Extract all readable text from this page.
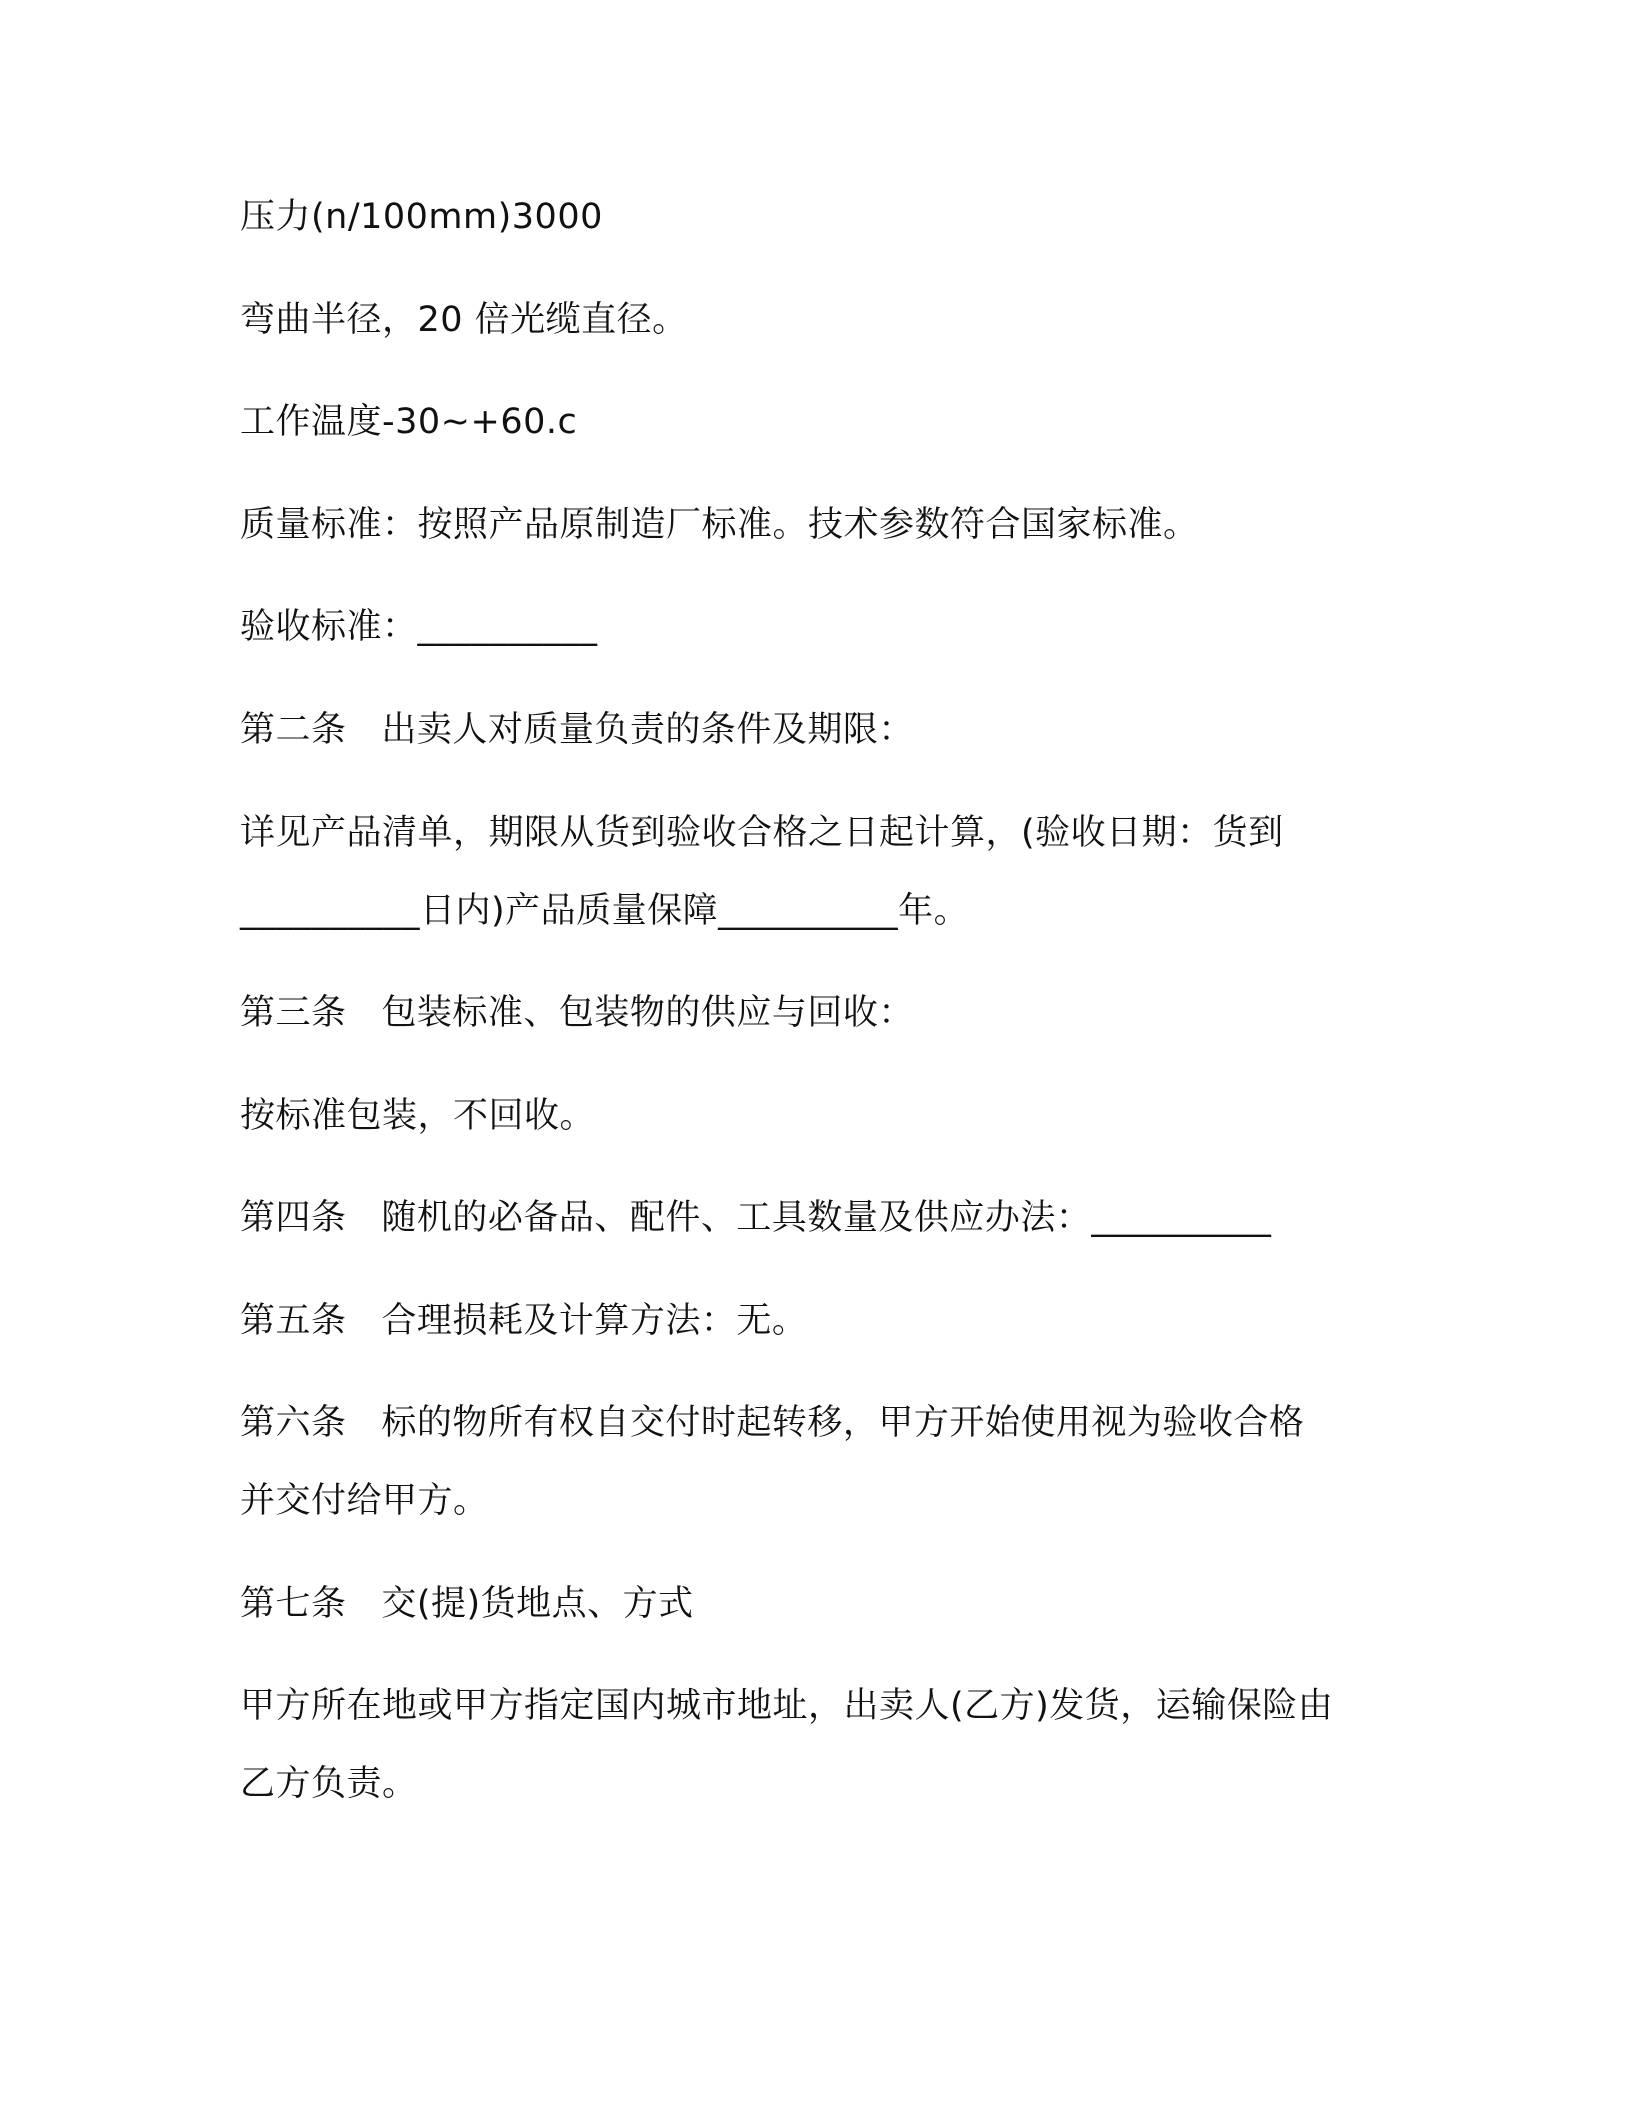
压力(n/100mm)3000
弯曲半径，20 倍光缆直径。
工作温度-30~+60.c
质量标准：按照产品原制造厂标准。技术参数符合国家标准。
验收标准：__________
第二条   出卖人对质量负责的条件及期限：
详见产品清单，期限从货到验收合格之日起计算，(验收日期：货到
__________日内)产品质量保障__________年。
第三条   包装标准、包装物的供应与回收：
按标准包装，不回收。
第四条   随机的必备品、配件、工具数量及供应办法：__________
第五条   合理损耗及计算方法：无。
第六条   标的物所有权自交付时起转移，甲方开始使用视为验收合格
并交付给甲方。
第七条   交(提)货地点、方式
甲方所在地或甲方指定国内城市地址，出卖人(乙方)发货，运输保险由
乙方负责。
